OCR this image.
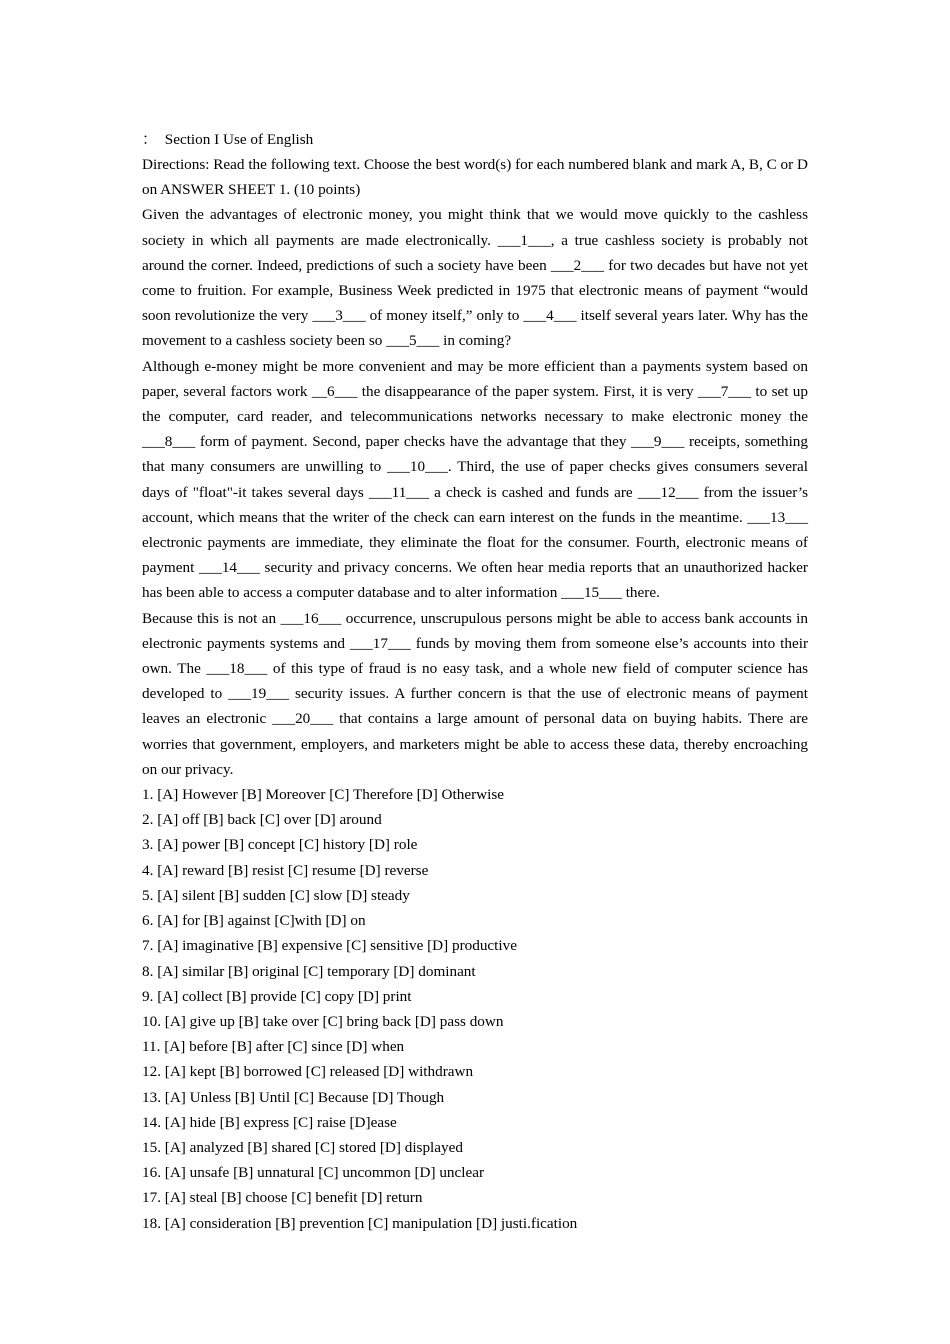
：  Section I Use of English

Directions: Read the following text. Choose the best word(s) for each numbered blank and mark A, B, C or D on ANSWER SHEET 1. (10 points)

Given the advantages of electronic money, you might think that we would move quickly to the cashless society in which all payments are made electronically. ___1___, a true cashless society is probably not around the corner. Indeed, predictions of such a society have been ___2___ for two decades but have not yet come to fruition. For example, Business Week predicted in 1975 that electronic means of payment “would soon revolutionize the very ___3___ of money itself,” only to ___4___ itself several years later. Why has the movement to a cashless society been so ___5___ in coming?

Although e-money might be more convenient and may be more efficient than a payments system based on paper, several factors work __6___ the disappearance of the paper system. First, it is very ___7___ to set up the computer, card reader, and telecommunications networks necessary to make electronic money the ___8___ form of payment. Second, paper checks have the advantage that they ___9___ receipts, something that many consumers are unwilling to ___10___. Third, the use of paper checks gives consumers several days of "float"-it takes several days ___11___ a check is cashed and funds are ___12___ from the issuer’s account, which means that the writer of the check can earn interest on the funds in the meantime. ___13___ electronic payments are immediate, they eliminate the float for the consumer. Fourth, electronic means of payment ___14___ security and privacy concerns. We often hear media reports that an unauthorized hacker has been able to access a computer database and to alter information ___15___ there.

Because this is not an ___16___ occurrence, unscrupulous persons might be able to access bank accounts in electronic payments systems and ___17___ funds by moving them from someone else’s accounts into their own. The ___18___ of this type of fraud is no easy task, and a whole new field of computer science has developed to ___19___ security issues. A further concern is that the use of electronic means of payment leaves an electronic ___20___ that contains a large amount of personal data on buying habits. There are worries that government, employers, and marketers might be able to access these data, thereby encroaching on our privacy.

1. [A] However [B] Moreover [C] Therefore [D] Otherwise
2. [A] off [B] back [C] over [D] around
3. [A] power [B] concept [C] history [D] role
4. [A] reward [B] resist [C] resume [D] reverse
5. [A] silent [B] sudden [C] slow [D] steady
6. [A] for [B] against [C]with [D] on
7. [A] imaginative [B] expensive [C] sensitive [D] productive
8. [A] similar [B] original [C] temporary [D] dominant
9. [A] collect [B] provide [C] copy [D] print
10. [A] give up [B] take over [C] bring back [D] pass down
11. [A] before [B] after [C] since [D] when
12. [A] kept [B] borrowed [C] released [D] withdrawn
13. [A] Unless [B] Until [C] Because [D] Though
14. [A] hide [B] express [C] raise [D]ease
15. [A] analyzed [B] shared [C] stored [D] displayed
16. [A] unsafe [B] unnatural [C] uncommon [D] unclear
17. [A] steal [B] choose [C] benefit [D] return
18. [A] consideration [B] prevention [C] manipulation [D] justi.fication
